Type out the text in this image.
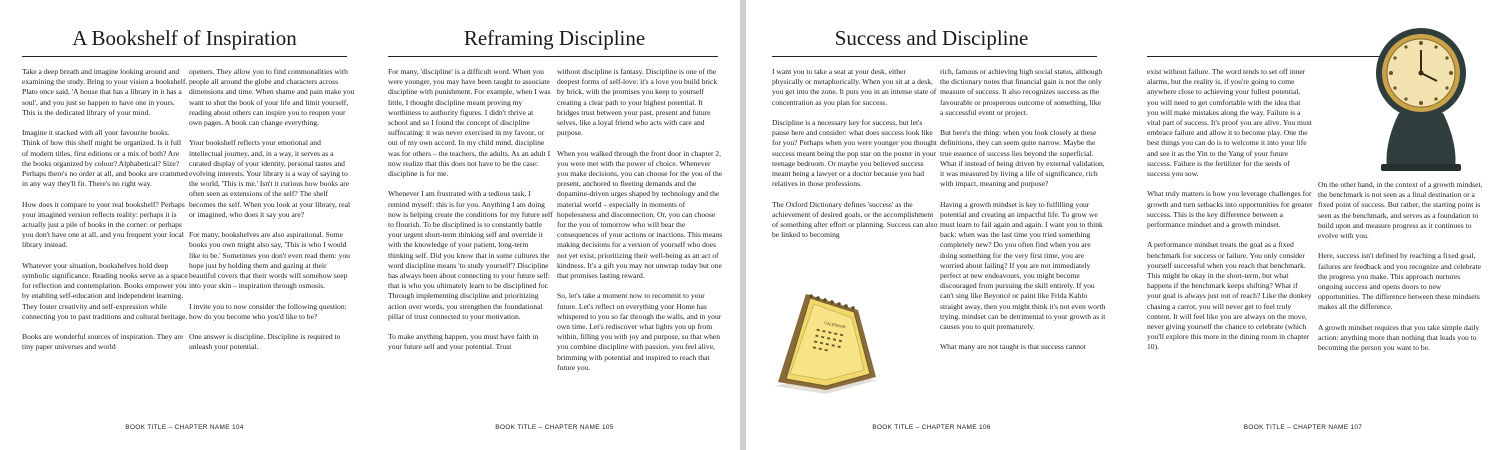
A Bookshelf of Inspiration

Take a deep breath and imagine looking around and examining the study. Bring to your vision a bookshelf. Plato once said, 'A house that has a library in it has a soul', and you just so happen to have one in yours. This is the dedicated library of your mind.

Imagine it stacked with all your favourite books. Think of how this shelf might be organized. Is it full of modern titles, first editions or a mix of both? Are the books organized by colour? Alphabetical? Size? Perhaps there's no order at all, and books are crammed in any way they'll fit. There's no right way.

How does it compare to your real bookshelf? Perhaps your imagined version reflects reality: perhaps it is actually just a pile of books in the corner: or perhaps you don't have one at all, and you frequent your local library instead.

Whatever your situation, bookshelves hold deep symbolic significance. Reading nooks serve as a space for reflection and contemplation. Books empower you by enabling self-education and independent learning. They foster creativity and self-expression while connecting you to past traditions and cultural heritage.

Books are wonderful sources of inspiration. They are tiny paper universes and world

openers. They allow you to find commonalities with people all around the globe and characters across dimensions and time. When shame and pain make you want to shut the book of your life and limit yourself, reading about others can inspire you to reopen your own pages. A book can change everything.

Your bookshelf reflects your emotional and intellectual journey, and, in a way, it serves as a curated display of your identity, personal tastes and evolving interests. Your library is a way of saying to the world, 'This is me.' Isn't it curious how books are often seen as extensions of the self? The shelf becomes the self. When you look at your library, real or imagined, who does it say you are?

For many, bookshelves are also aspirational. Some books you own might also say, 'This is who I would like to be.' Sometimes you don't even read them: you hope just by holding them and gazing at their beautiful covers that their words will somehow seep into your skin – inspiration through osmosis.

I invite you to now consider the following question: how do you become who you'd like to be?

One answer is discipline. Discipline is required to unleash your potential.

BOOK TITLE – CHAPTER NAME 104
Reframing Discipline

For many, 'discipline' is a difficult word. When you were younger, you may have been taught to associate discipline with punishment. For example, when I was little, I thought discipline meant proving my worthiness to authority figures. I didn't thrive at school and so I found the concept of discipline suffocating: it was never exercised in my favour, or out of my own accord. In my child mind, discipline was for others – the teachers, the adults. As an adult I now realize that this does not have to be the case: discipline is for me.

Whenever I am frustrated with a tedious task, I remind myself: this is for you. Anything I am doing now is helping create the conditions for my future self to flourish. To be disciplined is to constantly battle your urgent short-term thinking self and override it with the knowledge of your patient, long-term thinking self. Did you know that in some cultures the word discipline means 'to study yourself'? Discipline has always been about connecting to your future self: that is who you ultimately learn to be disciplined for. Through implementing discipline and prioritizing action over words, you strengthen the foundational pillar of trust connected to your motivation.

To make anything happen, you must have faith in your future self and your potential. Trust

without discipline is fantasy. Discipline is one of the deepest forms of self-love: it's a love you build brick by brick, with the promises you keep to yourself creating a clear path to your highest potential. It bridges trust between your past, present and future selves, like a loyal friend who acts with care and purpose.

When you walked through the front door in chapter 2, you were met with the power of choice. Whenever you make decisions, you can choose for the you of the present, anchored to fleeting demands and the dopamine-driven urges shaped by technology and the material world – especially in moments of hopelessness and disconnection. Or, you can choose for the you of tomorrow who will bear the consequences of your actions or inactions. This means making decisions for a version of yourself who does not yet exist, prioritizing their well-being as an act of kindness. It's a gift you may not unwrap today but one that promises lasting reward.

So, let's take a moment now to recommit to your future. Let's reflect on everything your Home has whispered to you so far through the walls, and in your own time. Let's rediscover what lights you up from within, filling you with joy and purpose, so that when you combine discipline with passion, you feel alive, brimming with potential and inspired to reach that future you.

BOOK TITLE – CHAPTER NAME 105
Success and Discipline

I want you to take a seat at your desk, either physically or metaphorically. When you sit at a desk, you get into the zone. It puts you in an intense state of concentration as you plan for success.

Discipline is a necessary key for success, but let's pause here and consider: what does success look like for you? Perhaps when you were younger you thought success meant being the pop star on the poster in your teenage bedroom. Or maybe you believed success meant being a lawyer or a doctor because you had relatives in those professions.

The Oxford Dictionary defines 'success' as the achievement of desired goals, or the accomplishment of something after effort or planning. Success can also be linked to becoming

rich, famous or achieving high social status, although the dictionary notes that financial gain is not the only measure of success. It also recognizes success as the favourable or prosperous outcome of something, like a successful event or project.

But here's the thing: when you look closely at these definitions, they can seem quite narrow. Maybe the true essence of success lies beyond the superficial. What if instead of being driven by external validation, it was measured by living a life of significance, rich with impact, meaning and purpose?

Having a growth mindset is key to fulfilling your potential and creating an impactful life. To grow we must learn to fail again and again. I want you to think back: when was the last time you tried something completely new? Do you often find when you are doing something for the very first time, you are worried about failing? If you are not immediately perfect at new endeavours, you might become discouraged from pursuing the skill entirely. If you can't sing like Beyoncé or paint like Frida Kahlo straight away, then you might think it's not even worth trying. mindset can be detrimental to your growth as it causes you to quit prematurely.

What many are not taught is that success cannot

CALENDAR
BOOK TITLE – CHAPTER NAME 106

exist without failure. The word tends to set off inner alarms, but the reality is, if you're going to come anywhere close to achieving your fullest potential, you will need to get comfortable with the idea that you will make mistakes along the way. Failure is a vital part of success. It's proof you are alive. You must embrace failure and allow it to become play. One the best things you can do is to welcome it into your life and see it as the Yin to the Yang of your future success. Failure is the fertilizer for the seeds of success you sow.

What truly matters is how you leverage challenges for growth and turn setbacks into opportunities for greater success. This is the key difference between a performance mindset and a growth mindset.

A performance mindset treats the goal as a fixed benchmark for success or failure. You only consider yourself successful when you reach that benchmark. This might be okay in the short-term, but what happens if the benchmark keeps shifting? What if your goal is always just out of reach? Like the donkey chasing a carrot, you will never get to feel truly content. It will feel like you are always on the move, never giving yourself the chance to celebrate (which you'll explore this more in the dining room in chapter 10).

On the other hand, in the context of a growth mindset, the benchmark is not seen as a final destination or a fixed point of success. But rather, the starting point is seen as the benchmark, and serves as a foundation to build upon and measure progress as it continues to evolve with you.

Here, success isn't defined by reaching a fixed goal, failures are feedback and you recognize and celebrate the progress you make. This approach nurtures ongoing success and opens doors to new opportunities. The difference between these mindsets makes all the difference.

A growth mindset requires that you take simple daily action: anything more than nothing that leads you to becoming the person you want to be.

BOOK TITLE – CHAPTER NAME 107
